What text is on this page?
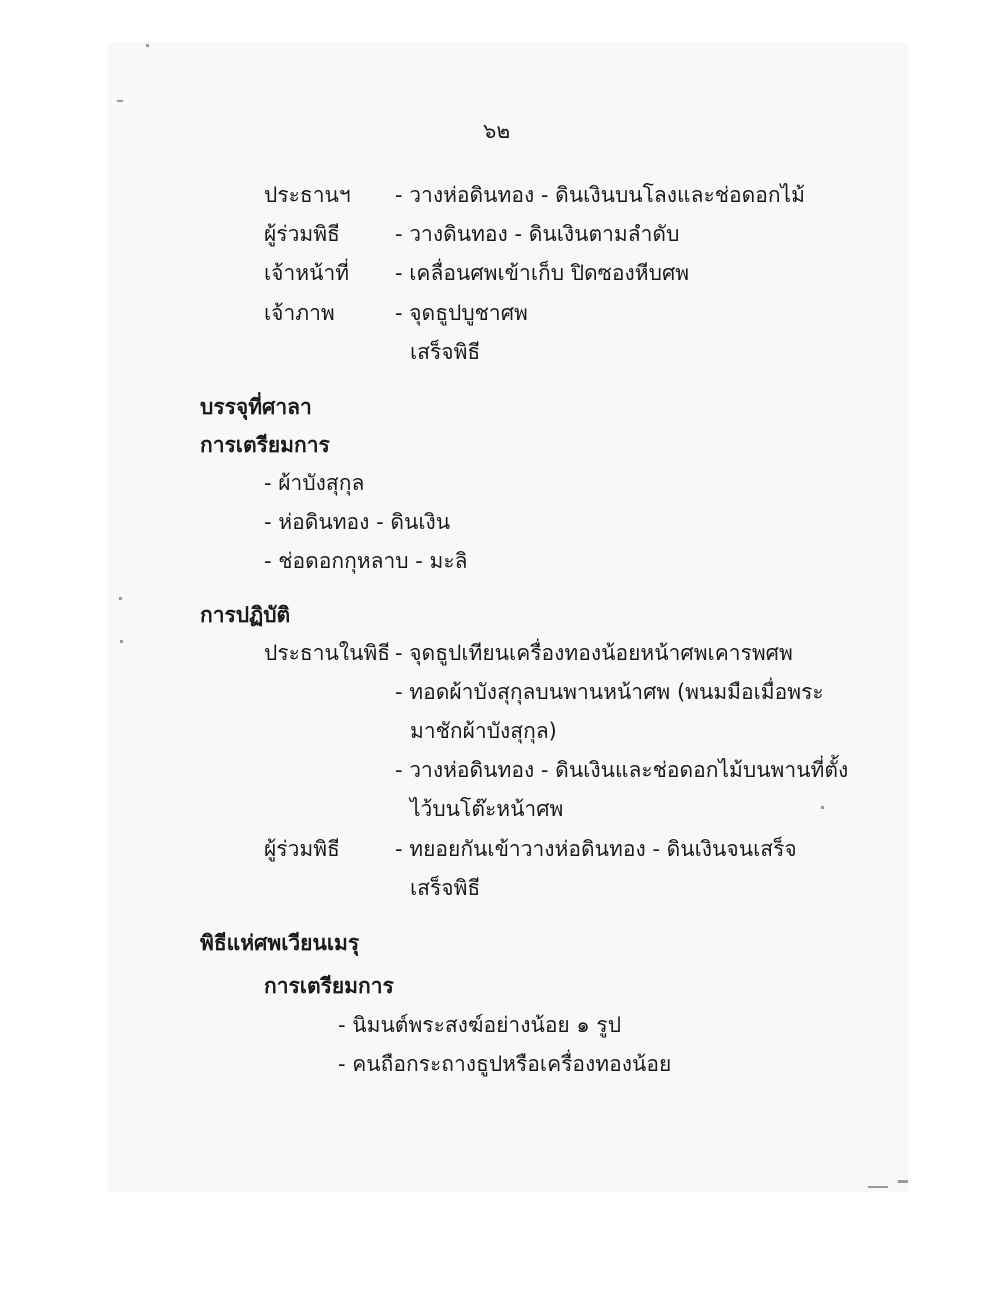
๖๒
ประธานฯ - วางห่อดินทอง - ดินเงินบนโลงและช่อดอกไม้
ผู้ร่วมพิธี	- วางดินทอง - ดินเงินตามลำดับ
เจ้าหน้าที่ - เคลื่อนศพเข้าเก็บ ปิดซองหีบศพ
เจ้าภาพ	- จุดธูปบูชาศพ
เสร็จพิธี
บรรจุที่ศาลา
การเตรียมการ
- ผ้าบังสุกุล
- ห่อดินทอง - ดินเงิน
- ช่อดอกกุหลาบ - มะลิ
การปฏิบัติ
ประธานในพิธี - จุดธูปเทียนเครื่องทองน้อยหน้าศพเคารพศพ
- ทอดผ้าบังสุกุลบนพานหน้าศพ (พนมมือเมื่อพระ
มาชักผ้าบังสุกุล)
- วางห่อดินทอง - ดินเงินและช่อดอกไม้บนพานที่ตั้ง
ไว้บนโต๊ะหน้าศพ
ผู้ร่วมพิธี	- ทยอยกันเข้าวางห่อดินทอง - ดินเงินจนเสร็จ
เสร็จพิธี
พิธีแห่ศพเวียนเมรุ
การเตรียมการ
- นิมนต์พระสงฆ์อย่างน้อย ๑ รูป
- คนถือกระถางธูปหรือเครื่องทองน้อย
